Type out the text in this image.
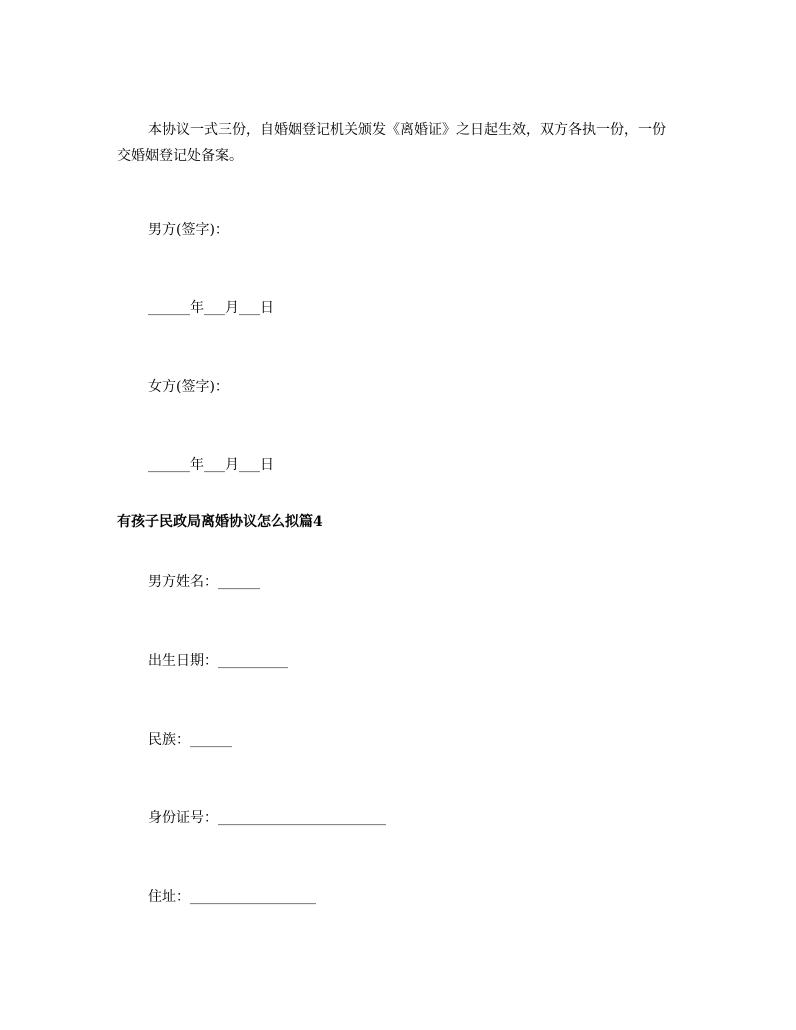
本协议一式三份，自婚姻登记机关颁发《离婚证》之日起生效，双方各执一份，一份交婚姻登记处备案。
男方(签字)：
______年___月___日
女方(签字)：
______年___月___日
有孩子民政局离婚协议怎么拟篇4
男方姓名：______
出生日期：__________
民族：______
身份证号：________________________
住址：__________________
